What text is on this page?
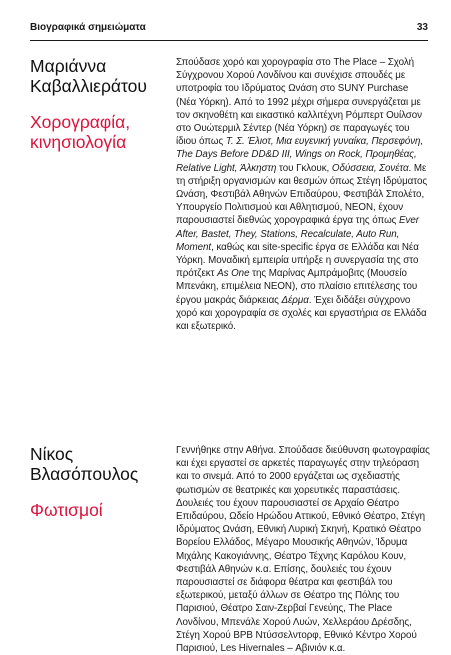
Βιογραφικά σημειώματα	33

Μαριάννα
Καβαλλιεράτου

Χορογραφία,
κινησιολογία

Σπούδασε χορό και χορογραφία στο The Place – Σχολή Σύγχρονου Χορού Λονδίνου και συνέχισε σπουδές με υποτροφία του Ιδρύματος Ωνάση στο SUNY Purchase (Νέα Υόρκη). Από το 1992 μέχρι σήμερα συνεργάζεται με τον σκηνοθέτη και εικαστικό καλλιτέχνη Ρόμπερτ Ουίλσον στο Ουώτερμιλ Σέντερ (Νέα Υόρκη) σε παραγωγές του ίδιου όπως Τ. Σ. Έλιοτ, Μια ευγενική γυναίκα, Περσεφόνη, The Days Before DD&D III, Wings on Rock, Προμηθέας, Relative Light, Άλκηστη του Γκλουκ, Οδύσσεια, Σονέτα. Με τη στήριξη οργανισμών και θεσμών όπως Στέγη Ιδρύματος Ωνάση, Φεστιβάλ Αθηνών Επιδαύρου, Φεστιβάλ Σπολέτο, Υπουργείο Πολιτισμού και Αθλητισμού, NEON, έχουν παρουσιαστεί διεθνώς χορογραφικά έργα της όπως Ever After, Bastet, They, Stations, Recalculate, Auto Run, Moment, καθώς και site-specific έργα σε Ελλάδα και Νέα Υόρκη. Μοναδική εμπειρία υπήρξε η συνεργασία της στο πρότζεκτ As One της Μαρίνας Αμπράμοβιτς (Μουσείο Μπενάκη, επιμέλεια NEON), στο πλαίσιο επιτέλεσης του έργου μακράς διάρκειας Δέρμα. Έχει διδάξει σύγχρονο χορό και χορογραφία σε σχολές και εργαστήρια σε Ελλάδα και εξωτερικό.

Νίκος
Βλασόπουλος

Φωτισμοί

Γεννήθηκε στην Αθήνα. Σπούδασε διεύθυνση φωτογραφίας και έχει εργαστεί σε αρκετές παραγωγές στην τηλεόραση και το σινεμά. Από το 2000 εργάζεται ως σχεδιαστής φωτισμών σε θεατρικές και χορευτικές παραστάσεις. Δουλειές του έχουν παρουσιαστεί σε Αρχαίο Θέατρο Επιδαύρου, Ωδείο Ηρώδου Αττικού, Εθνικό Θέατρο, Στέγη Ιδρύματος Ωνάση, Εθνική Λυρική Σκηνή, Κρατικό Θέατρο Βορείου Ελλάδος, Μέγαρο Μουσικής Αθηνών, Ίδρυμα Μιχάλης Κακογιάννης, Θέατρο Τέχνης Καρόλου Κουν, Φεστιβάλ Αθηνών κ.α. Επίσης, δουλειές του έχουν παρουσιαστεί σε διάφορα θέατρα και φεστιβάλ του εξωτερικού, μεταξύ άλλων σε Θέατρο της Πόλης του Παρισιού, Θέατρο Σαιν-Ζερβαί Γενεύης, The Place Λονδίνου, Μπενάλε Χορού Λυών, Χελλεράου Δρέσδης, Στέγη Χορού BPB Ντύσσελντορφ, Εθνικό Κέντρο Χορού Παρισιού, Les Hivernales – Αβινιόν κ.α.
